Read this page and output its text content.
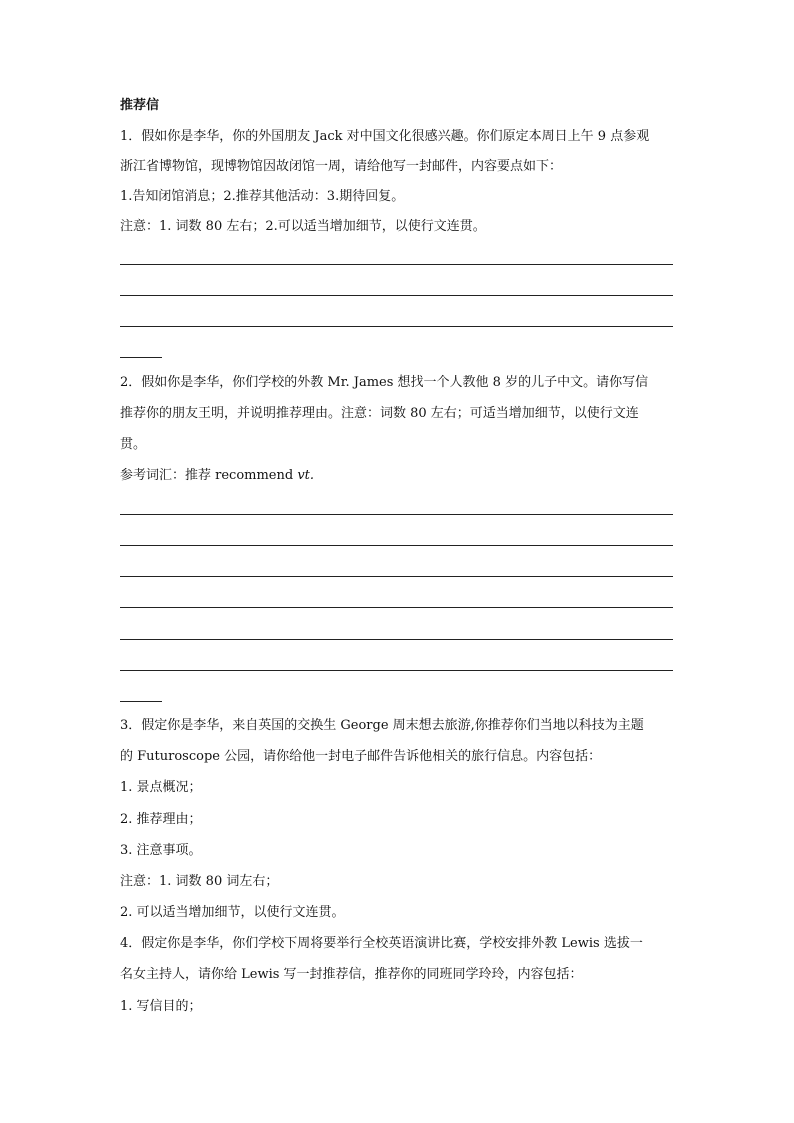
推荐信
1．假如你是李华，你的外国朋友 Jack 对中国文化很感兴趣。你们原定本周日上午 9 点参观
浙江省博物馆，现博物馆因故闭馆一周，请给他写一封邮件，内容要点如下：
1.告知闭馆消息；2.推荐其他活动：3.期待回复。
注意：1. 词数 80 左右；2.可以适当增加细节，以使行文连贯。
2．假如你是李华，你们学校的外教 Mr. James 想找一个人教他 8 岁的儿子中文。请你写信
推荐你的朋友王明，并说明推荐理由。注意：词数 80 左右；可适当增加细节，以使行文连
贯。
参考词汇：推荐 recommend vt.
3．假定你是李华，来自英国的交换生 George 周末想去旅游,你推荐你们当地以科技为主题
的 Futuroscope 公园，请你给他一封电子邮件告诉他相关的旅行信息。内容包括：
1. 景点概况；
2. 推荐理由；
3. 注意事项。
注意：1. 词数 80 词左右；
2. 可以适当增加细节，以使行文连贯。
4．假定你是李华，你们学校下周将要举行全校英语演讲比赛，学校安排外教 Lewis 选拔一
名女主持人，请你给 Lewis 写一封推荐信，推荐你的同班同学玲玲，内容包括：
1. 写信目的；
